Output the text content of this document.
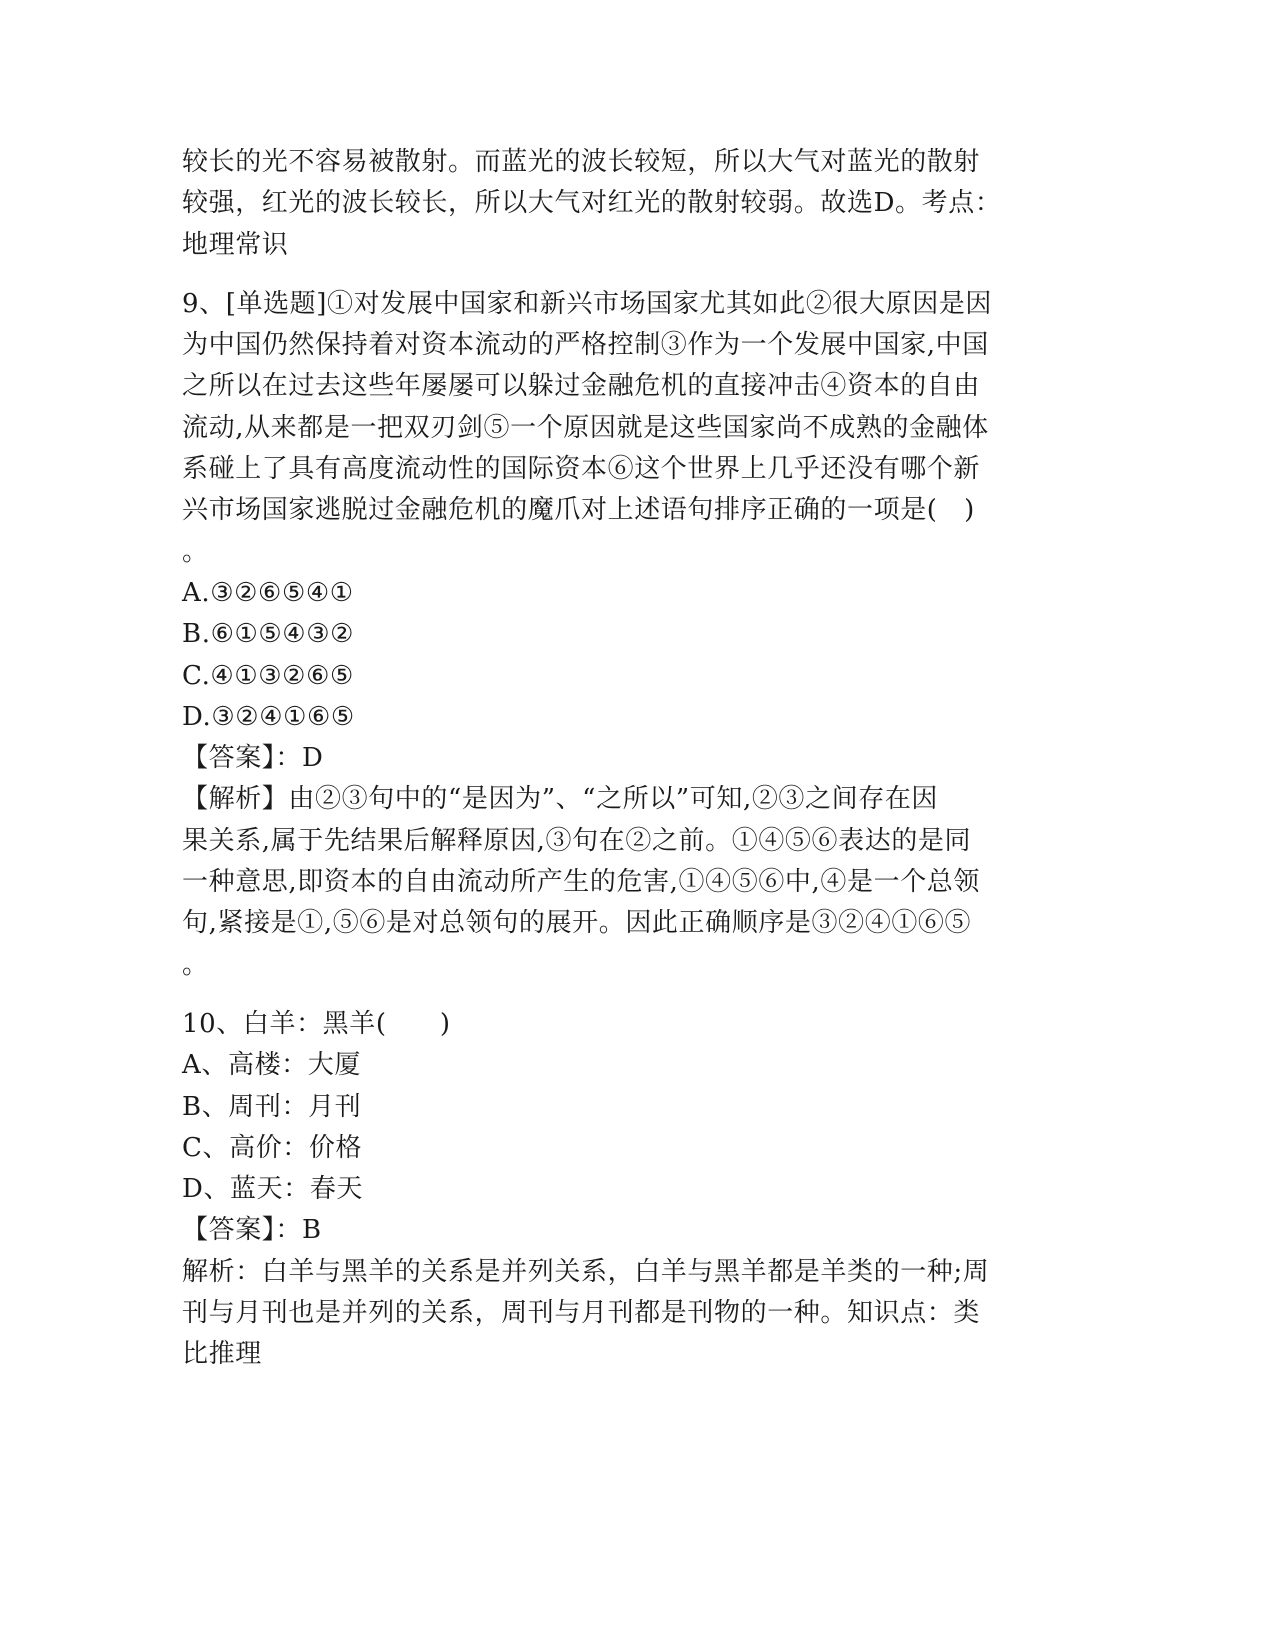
较长的光不容易被散射。而蓝光的波长较短，所以大气对蓝光的散射
较强，红光的波长较长，所以大气对红光的散射较弱。故选D。考点：
地理常识
9、[单选题]①对发展中国家和新兴市场国家尤其如此②很大原因是因
为中国仍然保持着对资本流动的严格控制③作为一个发展中国家,中国
之所以在过去这些年屡屡可以躲过金融危机的直接冲击④资本的自由
流动,从来都是一把双刃剑⑤一个原因就是这些国家尚不成熟的金融体
系碰上了具有高度流动性的国际资本⑥这个世界上几乎还没有哪个新
兴市场国家逃脱过金融危机的魔爪对上述语句排序正确的一项是(　)
。
A.③②⑥⑤④①
B.⑥①⑤④③②
C.④①③②⑥⑤
D.③②④①⑥⑤
【答案】：D
【解析】由②③句中的“是因为”、“之所以”可知,②③之间存在因
果关系,属于先结果后解释原因,③句在②之前。①④⑤⑥表达的是同
一种意思,即资本的自由流动所产生的危害,①④⑤⑥中,④是一个总领
句,紧接是①,⑤⑥是对总领句的展开。因此正确顺序是③②④①⑥⑤
。
10、白羊：黑羊(　　)
A、高楼：大厦
B、周刊：月刊
C、高价：价格
D、蓝天：春天
【答案】：B
解析：白羊与黑羊的关系是并列关系，白羊与黑羊都是羊类的一种;周
刊与月刊也是并列的关系，周刊与月刊都是刊物的一种。知识点：类
比推理
